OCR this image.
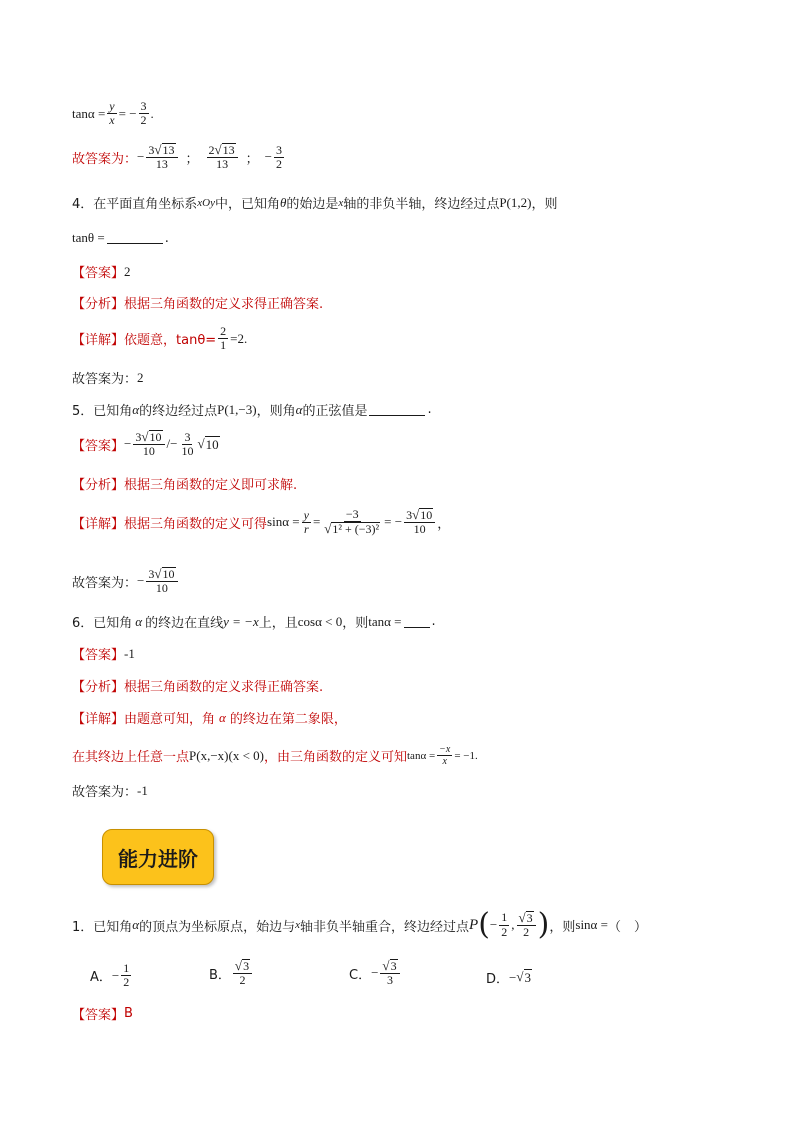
$\tan\alpha = \frac{y}{x}$ = − $\frac{3}{2}$ .
故答案为： − $\frac{3 √ 13}{13}$ ； $\frac{2 √ 13}{13}$ ； − $\frac{3}{2}$
4．在平面直角坐标系 xOy 中，已知角 θ 的始边是 x 轴的非负半轴，终边经过点 P(1,2) ，则
tanθ =	.
【答案】 2
【分析】 根据三角函数的定义求得正确答案.
【详解】 依题意，$\tan\theta= \frac{2}{1} =2$.
故答案为： 2
5．已知角 α 的终边经过点 P(1,−3) ，则角 α 的正弦值是	.
【答案】 − $\frac{3 √ 10}{10} /- \frac{3}{10}$ √ 10
【分析】 根据三角函数的定义即可求解.
【详解】 根据三角函数的定义可得 $\sin\alpha = \frac{y}{r} = \frac{-3}{\text{√ 1² + (−3)²}}$ = − $\frac{3 √ 10}{10}$ ，
故答案为： − $\frac{3 √ 10}{10}$
6．已知角 α 的终边在直线 y = −x 上，且 cosα < 0 ，则 tanα = .
【答案】 -1
【分析】 根据三角函数的定义求得正确答案.
【详解】 由题意可知，角 α 的终边在第二象限，
在其终边上任意一点 P(x,−x)(x < 0) ，由三角函数的定义可知 $\tan\alpha = \frac{-x}{x} = -1$.
故答案为： -1
能力进阶
1．已知角 α 的顶点为坐标原点，始边与 x 轴非负半轴重合，终边经过点 P ( − $\frac{1}{2}$ , $\frac{√ 3}{2}$ ) ，则 sinα = （　）
A． − $\frac{1}{2}$	B． $\frac{√ 3}{2}$	C． − $\frac{√ 3}{3}$	D． − √ 3
【答案】 B
